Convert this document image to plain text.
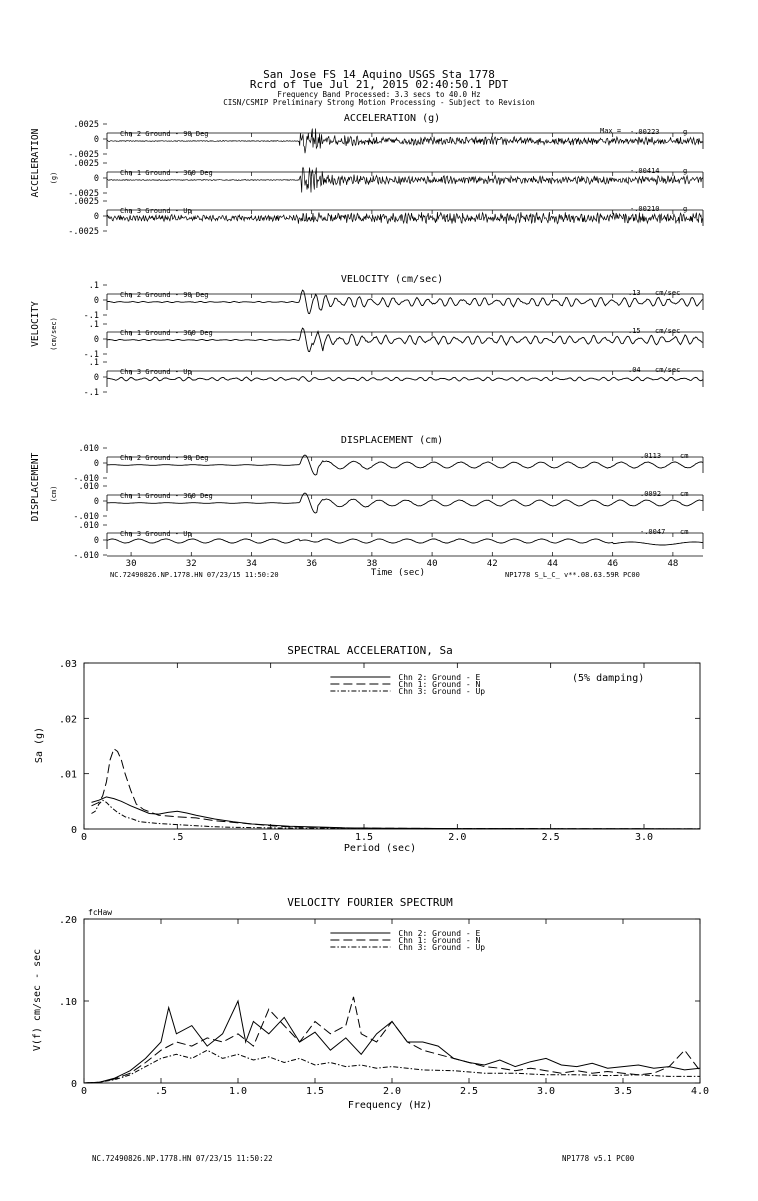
San Jose FS 14 Aquino USGS Sta 1778
Rcrd of Tue Jul 21, 2015 02:40:50.1 PDT
Frequency Band Processed: 3.3 secs to 40.0 Hz
CISN/CSMIP Preliminary Strong Motion Processing - Subject to Revision
ACCELERATION (g)
ACCELERATION (g)
Max =
.0025
0
-.0025
Chn 2 Ground - 90 Deg	-.00223	g
.0025
0
-.0025
Chn 1 Ground - 360 Deg	-.00414	g
.0025
0
-.0025
Chn 3 Ground - Up	-.00210	g
VELOCITY (cm/sec)
VELOCITY (cm/sec)
.1
0
-.1
Chn 2 Ground - 90 Deg	.13 cm/sec
.1
0
-.1
Chn 1 Ground - 360 Deg	.15 cm/sec
.1
0
-.1
Chn 3 Ground - Up	.04 cm/sec
DISPLACEMENT (cm)
DISPLACEMENT (cm)
.010
0
-.010
Chn 2 Ground - 90 Deg	.0113	cm
.010
0
-.010
Chn 1 Ground - 360 Deg	.0092	cm
.010
0
-.010
Chn 3 Ground - Up	-.0047 cm
Time (sec)
30	32	34	36	38	40	42	44	46	48
NC.72490826.NP.1778.HN 07/23/15 11:50:20	NP1778 S_L_C_ v**.08.63.59R PC00
SPECTRAL ACCELERATION, Sa
Sa (g)
Period (sec)
(5% damping)
0	.5	1.0	1.5	2.0	2.5	3.0
0
.01
.02
.03
Chn 2: Ground - E
Chn 1: Ground - N
Chn 3: Ground - Up
VELOCITY FOURIER SPECTRUM
V(f) cm/sec - sec
Frequency (Hz)
fcHaw
0	.5	1.0	1.5	2.0	2.5	3.0	3.5	4.0
0
.10
.20
Chn 2: Ground - E
Chn 1: Ground - N
Chn 3: Ground - Up
NC.72490826.NP.1778.HN 07/23/15 11:50:22	NP1778 v5.1 PC00
